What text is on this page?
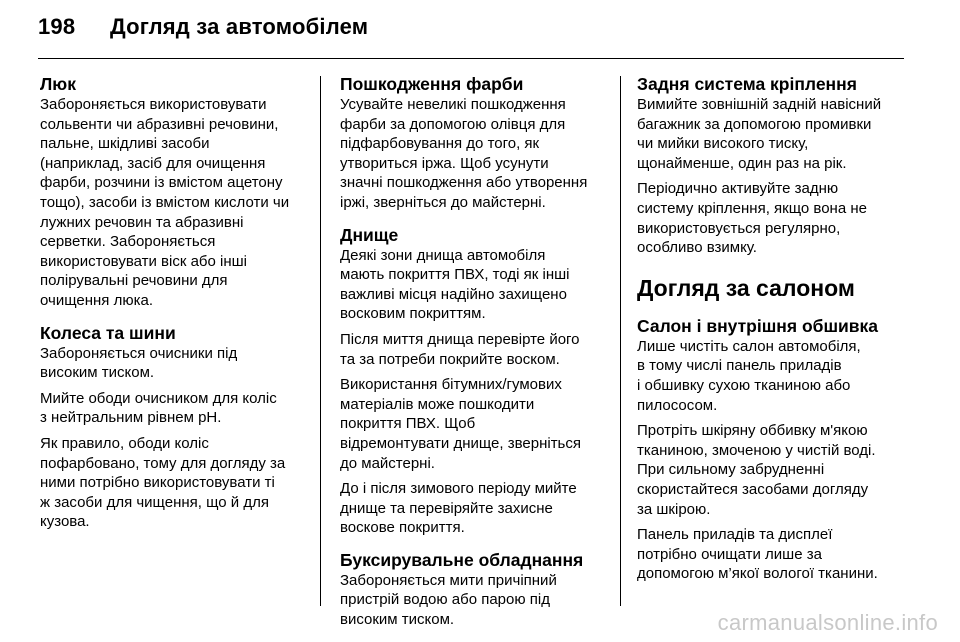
198	Догляд за автомобілем
Люк

Забороняється використовувати
сольвенти чи абразивні речовини,
пальне, шкідливі засоби
(наприклад, засіб для очищення
фарби, розчини із вмістом ацетону
тощо), засоби із вмістом кислоти чи
лужних речовин та абразивні
серветки. Забороняється
використовувати віск або інші
полірувальні речовини для
очищення люка.

Колеса та шини

Забороняється очисники під
високим тиском.

Мийте ободи очисником для коліс
з нейтральним рівнем pH.

Як правило, ободи коліс
пофарбовано, тому для догляду за
ними потрібно використовувати ті
ж засоби для чищення, що й для
кузова.

Пошкодження фарби

Усувайте невеликі пошкодження
фарби за допомогою олівця для
підфарбовування до того, як
утвориться іржа. Щоб усунути
значні пошкодження або утворення
іржі, зверніться до майстерні.

Днище

Деякі зони днища автомобіля
мають покриття ПВХ, тоді як інші
важливі місця надійно захищено
восковим покриттям.

Після миття днища перевірте його
та за потреби покрийте воском.

Використання бітумних/гумових
матеріалів може пошкодити
покриття ПВХ. Щоб
відремонтувати днище, зверніться
до майстерні.

До і після зимового періоду мийте
днище та перевіряйте захисне
воскове покриття.

Буксирувальне обладнання

Забороняється мити причіпний
пристрій водою або парою під
високим тиском.

Задня система кріплення

Вимийте зовнішній задній навісний
багажник за допомогою промивки
чи мийки високого тиску,
щонайменше, один раз на рік.

Періодично активуйте задню
систему кріплення, якщо вона не
використовується регулярно,
особливо взимку.

Догляд за салоном
Салон і внутрішня обшивка

Лише чистіть салон автомобіля,
в тому числі панель приладів
і обшивку сухою тканиною або
пилососом.

Протріть шкіряну оббивку м'якою
тканиною, змоченою у чистій воді.
При сильному забрудненні
скористайтеся засобами догляду
за шкірою.

Панель приладів та дисплеї
потрібно очищати лише за
допомогою м’якої вологої тканини.

carmanualsonline.info
